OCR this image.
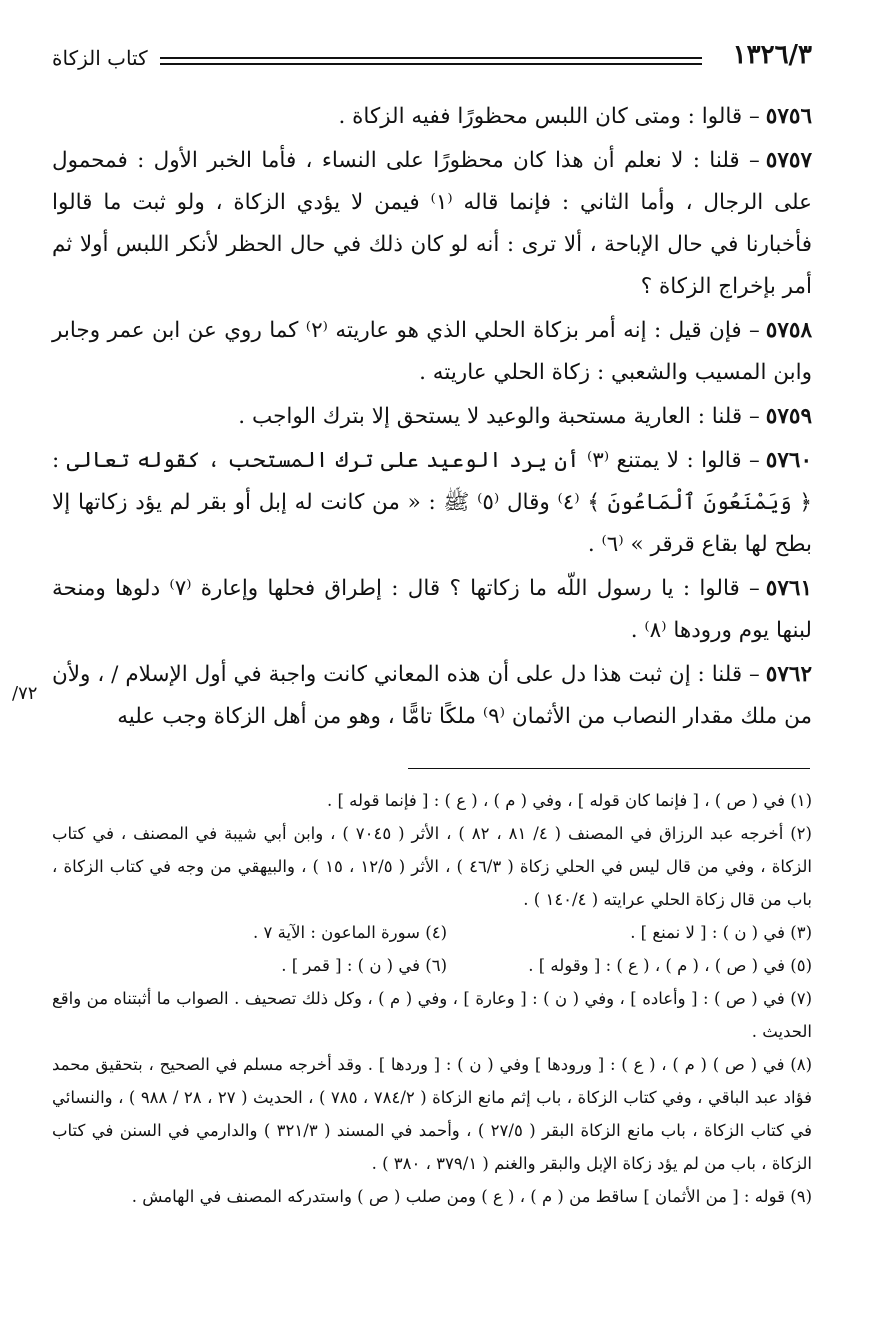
كتاب الزكاة	١٣٢٦/٣
/٧٢

٥٧٥٦– قالوا : ومتى كان اللبس محظورًا ففيه الزكاة .

٥٧٥٧– قلنا : لا نعلم أن هذا كان محظورًا على النساء ، فأما الخبر الأول : فمحمول على الرجال ، وأما الثاني : فإنما قاله ⁽١⁾ فيمن لا يؤدي الزكاة ، ولو ثبت ما قالوا فأخبارنا في حال الإباحة ، ألا ترى : أنه لو كان ذلك في حال الحظر لأنكر اللبس أولا ثم أمر بإخراج الزكاة ؟

٥٧٥٨– فإن قيل : إنه أمر بزكاة الحلي الذي هو عاريته ⁽٢⁾ كما روي عن ابن عمر وجابر وابن المسيب والشعبي : زكاة الحلي عاريته .

٥٧٥٩– قلنا : العارية مستحبة والوعيد لا يستحق إلا بترك الواجب .

٥٧٦٠– قالوا : لا يمتنع ⁽٣⁾ أن يرد الوعيد على ترك المستحب ، كقوله تعالى : ﴿ وَيَمْنَعُونَ ٱلْمَاعُونَ ﴾ ⁽٤⁾ وقال ⁽٥⁾ ﷺ : « من كانت له إبل أو بقر لم يؤد زكاتها إلا بطح لها بقاع قرقر » ⁽٦⁾ .

٥٧٦١– قالوا : يا رسول اللّه ما زكاتها ؟ قال : إطراق فحلها وإعارة ⁽٧⁾ دلوها ومنحة لبنها يوم ورودها ⁽٨⁾ .

٥٧٦٢– قلنا : إن ثبت هذا دل على أن هذه المعاني كانت واجبة في أول الإسلام / ، ولأن من ملك مقدار النصاب من الأثمان ⁽٩⁾ ملكًا تامًّا ، وهو من أهل الزكاة وجب عليه

(١) في ( ص ) ، [ فإنما كان قوله ] ، وفي ( م ) ، ( ع ) : [ فإنما قوله ] .

(٢) أخرجه عبد الرزاق في المصنف ( ٤/ ٨١ ، ٨٢ ) ، الأثر ( ٧٠٤٥ ) ، وابن أبي شيبة في المصنف ، في كتاب الزكاة ، وفي من قال ليس في الحلي زكاة ( ٤٦/٣ ) ، الأثر ( ١٢/٥ ، ١٥ ) ، والبيهقي من وجه في كتاب الزكاة ، باب من قال زكاة الحلي عرايته ( ١٤٠/٤ ) .

(٣) في ( ن ) : [ لا نمنع ] .
(٤) سورة الماعون : الآية ٧ .
(٥) في ( ص ) ، ( م ) ، ( ع ) : [ وقوله ] .
(٦) في ( ن ) : [ قمر ] .

(٧) في ( ص ) : [ وأعاده ] ، وفي ( ن ) : [ وعارة ] ، وفي ( م ) ، وكل ذلك تصحيف . الصواب ما أثبتناه من واقع الحديث .

(٨) في ( ص ) ( م ) ، ( ع ) : [ ورودها ] وفي ( ن ) : [ وردها ] . وقد أخرجه مسلم في الصحيح ، بتحقيق محمد فؤاد عبد الباقي ، وفي كتاب الزكاة ، باب إثم مانع الزكاة ( ٧٨٤/٢ ، ٧٨٥ ) ، الحديث ( ٢٧ ، ٢٨ / ٩٨٨ ) ، والنسائي في كتاب الزكاة ، باب مانع الزكاة البقر ( ٢٧/٥ ) ، وأحمد في المسند ( ٣٢١/٣ ) والدارمي في السنن في كتاب الزكاة ، باب من لم يؤد زكاة الإبل والبقر والغنم ( ٣٧٩/١ ، ٣٨٠ ) .

(٩) قوله : [ من الأثمان ] ساقط من ( م ) ، ( ع ) ومن صلب ( ص ) واستدركه المصنف في الهامش .
